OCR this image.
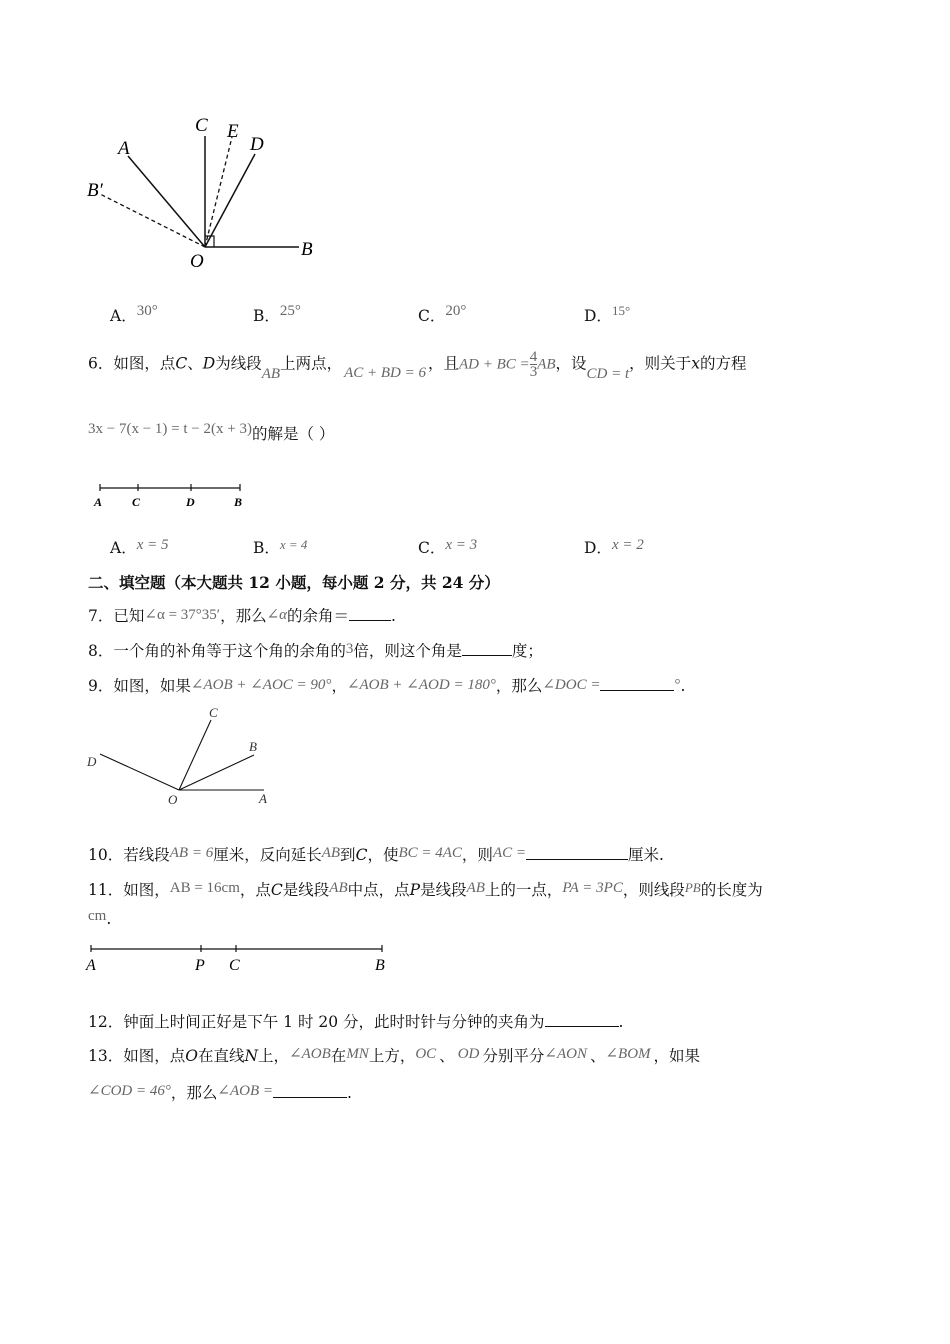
C E
D
A
B′
O
B
A．30°	B．25°	C．20°	D．$^{15^\circ}$
6．如图，点C、D为线段AB上两点， AC + BD = 6 ，且AD + BC = $\frac{4}{3}$ AB，设CD = t，则关于x的方程
3x − 7(x − 1) = t − 2(x + 3)的解是（ ）
A C	D	B
A．x = 5	B．$^{x = 4}$	C．x = 3	D．x = 2
二、填空题（本大题共 12 小题，每小题 2 分，共 24 分）
7．已知∠α = 37°35′，那么∠α的余角＝	.
8．一个角的补角等于这个角的余角的3倍，则这个角是	度；
9．如图，如果∠AOB + ∠AOC = 90°，∠AOB + ∠AOD = 180°，那么∠DOC =	°.
C
B
D
O	A
10．若线段AB = 6厘米，反向延长AB到C，使BC = 4AC，则AC =	厘米.
11．如图，AB = 16cm，点C是线段AB中点，点P是线段AB上的一点，PA = 3PC，则线段PB的长度为
cm.
A	P C	B
12．钟面上时间正好是下午 1 时 20 分，此时时针与分钟的夹角为	.
13．如图，点O在直线N上，∠AOB在MN上方，OC 、 OD 分别平分∠AON 、∠BOM ，如果
∠COD = 46°，那么∠AOB =	.
